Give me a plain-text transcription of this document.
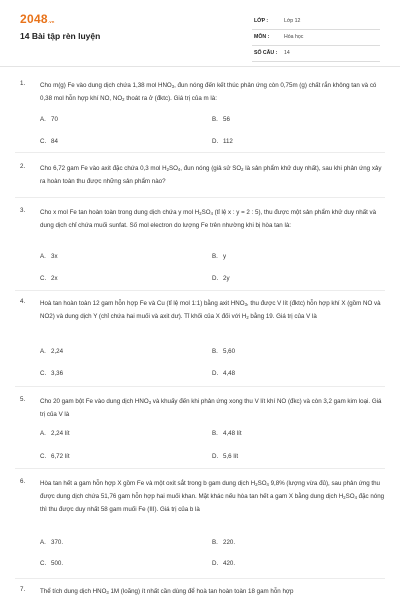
2048.vn
14 Bài tập rèn luyện
LỚP :	Lớp 12
MÔN :	Hóa học
SỐ CÂU : 14
1. Cho m(g) Fe vào dung dịch chứa 1,38 mol $HNO_3$, đun nóng đến kết thúc phản ứng còn 0,75m (g) chất rắn không tan và có 0,38 mol hỗn hợp khí NO, $NO_2$ thoát ra ở (đktc). Giá trị của m là:
A. 70	B. 56
C. 84	D. 112
2. Cho 6,72 gam Fe vào axit đặc chứa 0,3 mol $H_2SO_4$, đun nóng (giả sử $SO_2$ là sản phẩm khử duy nhất), sau khi phản ứng xảy ra hoàn toàn thu được những sản phẩm nào?
3. Cho x mol Fe tan hoàn toàn trong dung dịch chứa y mol $H_2SO_4$ (tỉ lệ x : y = 2 : 5), thu được một sản phẩm khử duy nhất và dung dịch chỉ chứa muối sunfat. Số mol electron do lượng Fe trên nhường khi bị hòa tan là:
A. 3x	B. y
C. 2x	D. 2y
4. Hoà tan hoàn toàn 12 gam hỗn hợp Fe và Cu (tỉ lệ mol 1:1) bằng axit $HNO_3$, thu được V lít (đktc) hỗn hợp khí X (gồm NO và NO2) và dung dịch Y (chỉ chứa hai muối và axit dư). Tỉ khối của X đối với $H_2$ bằng 19. Giá trị của V là
A. 2,24	B. 5,60
C. 3,36	D. 4,48
5. Cho 20 gam bột Fe vào dung dịch $HNO_3$ và khuấy đến khi phản ứng xong thu V lít khí NO (đkc) và còn 3,2 gam kim loại. Giá trị của V là
A. 2,24 lít	B. 4,48 lít
C. 6,72 lít	D. 5,6 lít
6. Hòa tan hết a gam hỗn hợp X gồm Fe và một oxit sắt trong b gam dung dịch $H_2SO_4$ 9,8% (lượng vừa đủ), sau phản ứng thu được dung dịch chứa 51,76 gam hỗn hợp hai muối khan. Mặt khác nếu hòa tan hết a gam X bằng dung dịch $H_2SO_4$ đặc nóng thì thu được duy nhất 58 gam muối Fe (III). Giá trị của b là
A. 370.	B. 220.
C. 500.	D. 420.
7. Thể tích dung dịch $HNO_3$ 1M (loãng) ít nhất cần dùng để hoà tan hoàn toàn 18 gam hỗn hợp
